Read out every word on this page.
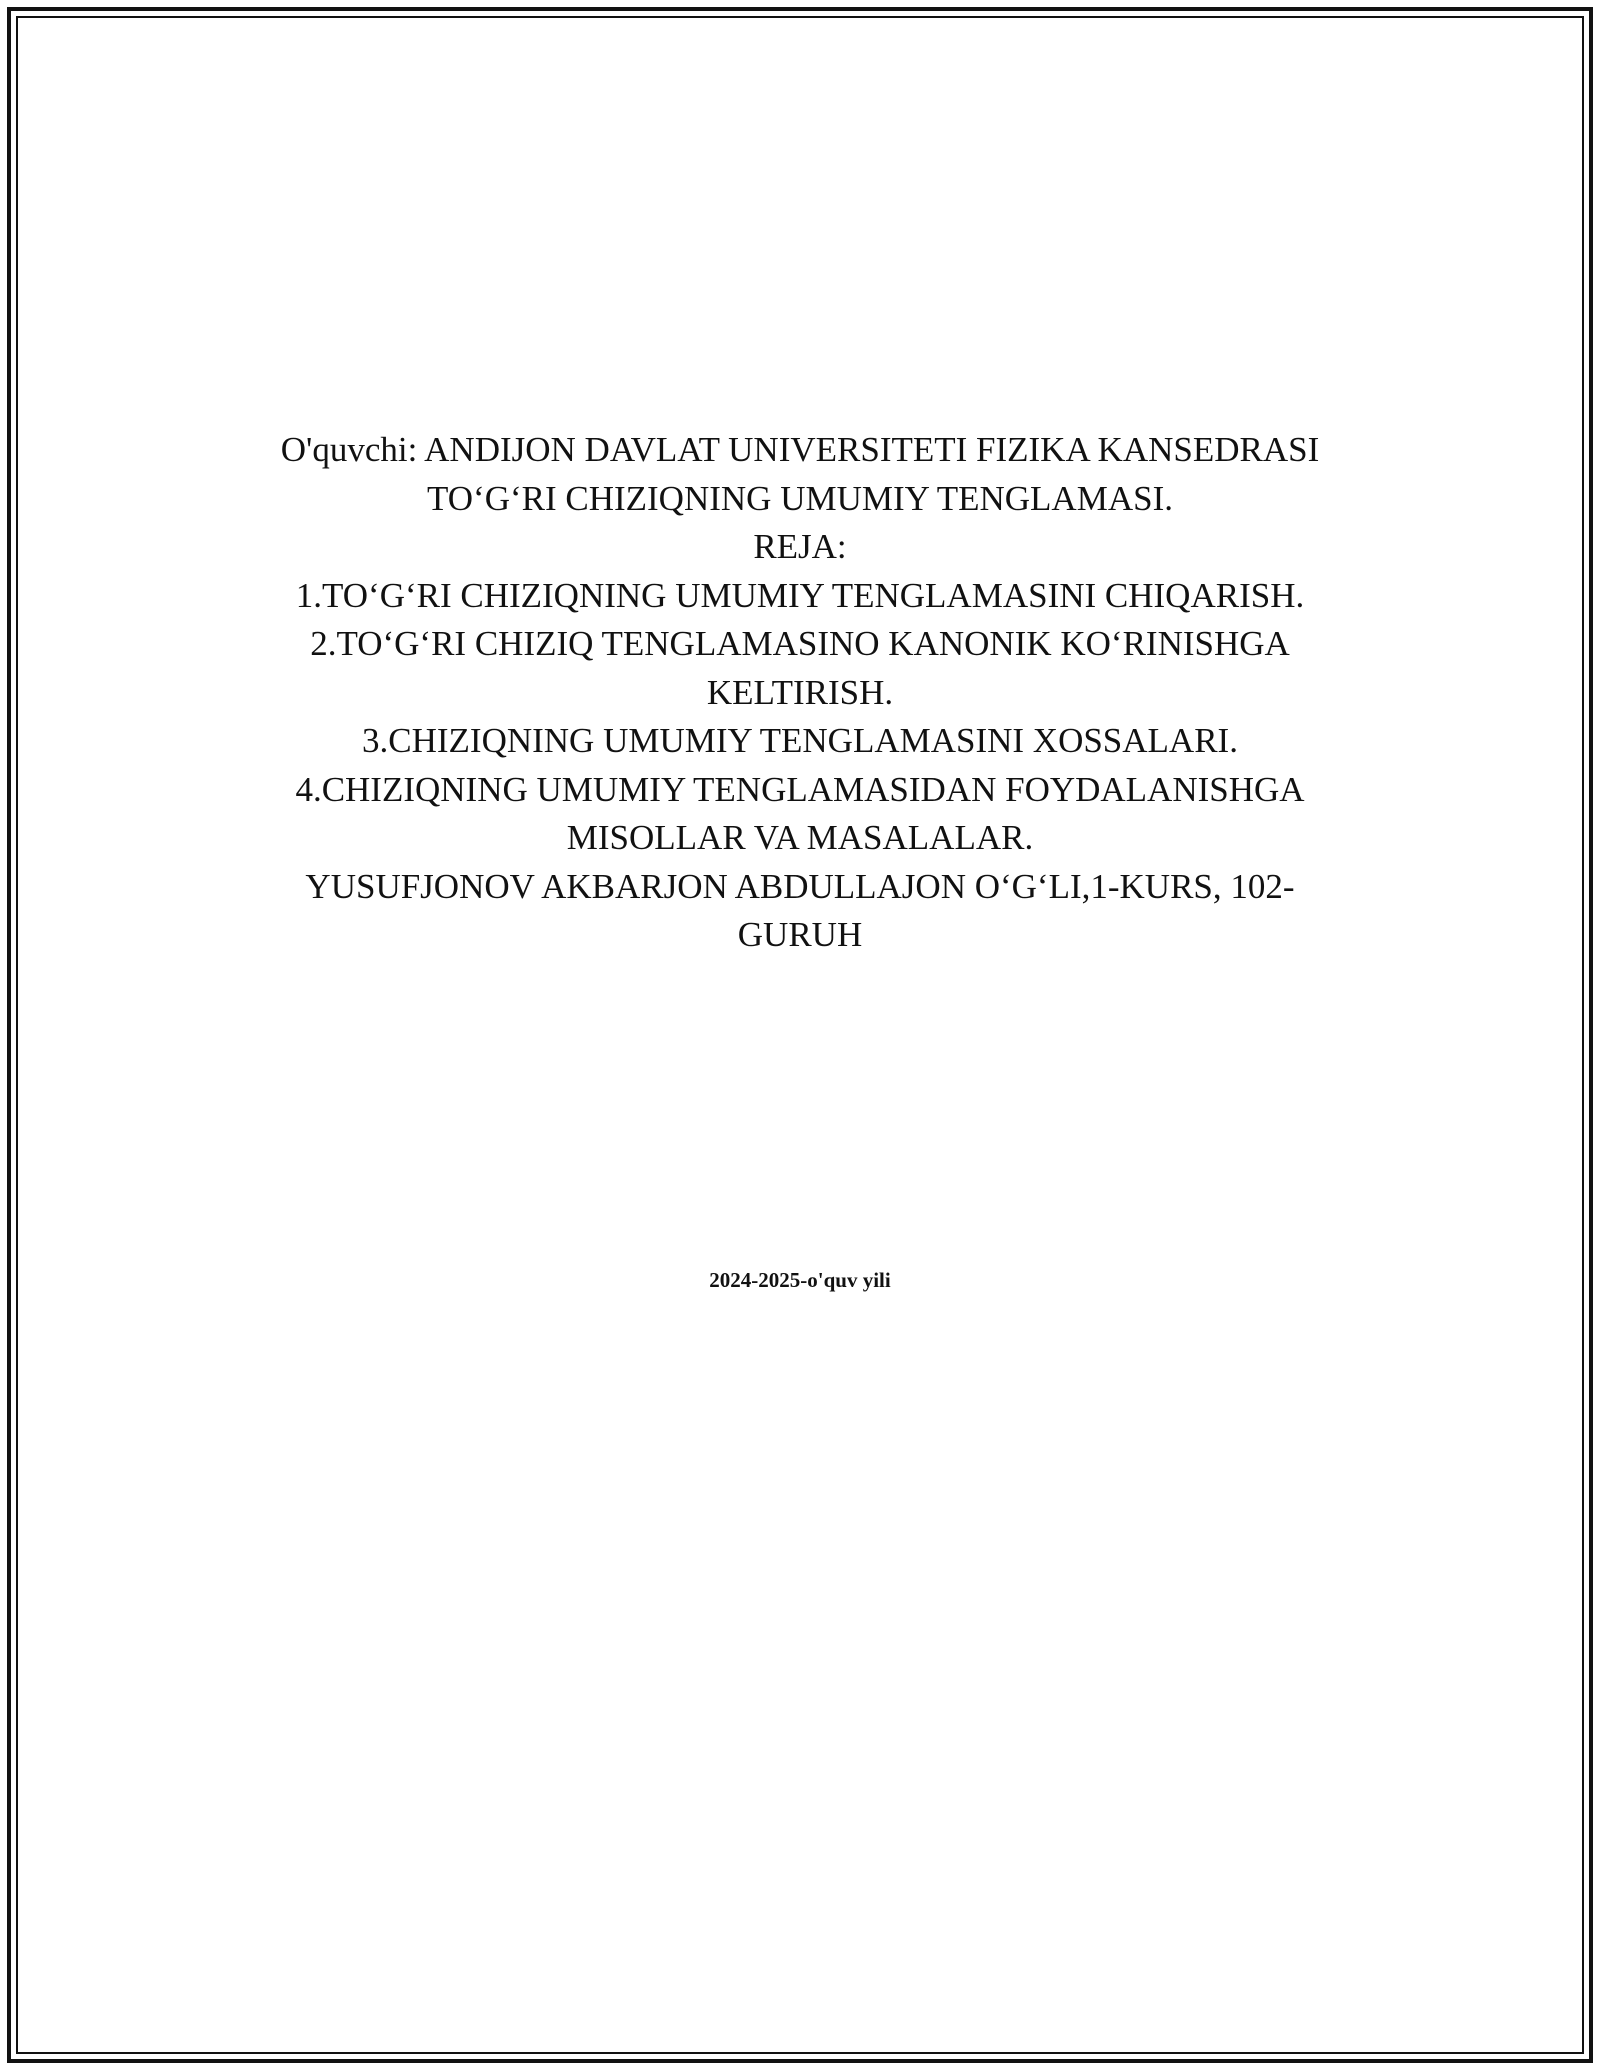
O'quvchi: ANDIJON DAVLAT UNIVERSITETI FIZIKA KANSEDRASI
TO‘G‘RI CHIZIQNING UMUMIY TENGLAMASI.
REJA:
1.TO‘G‘RI CHIZIQNING UMUMIY TENGLAMASINI CHIQARISH.
2.TO‘G‘RI CHIZIQ TENGLAMASINO KANONIK KO‘RINISHGA
KELTIRISH.
3.CHIZIQNING UMUMIY TENGLAMASINI XOSSALARI.
4.CHIZIQNING UMUMIY TENGLAMASIDAN FOYDALANISHGA
MISOLLAR VA MASALALAR.
YUSUFJONOV AKBARJON ABDULLAJON O‘G‘LI,1-KURS, 102-
GURUH
2024-2025-o'quv yili
